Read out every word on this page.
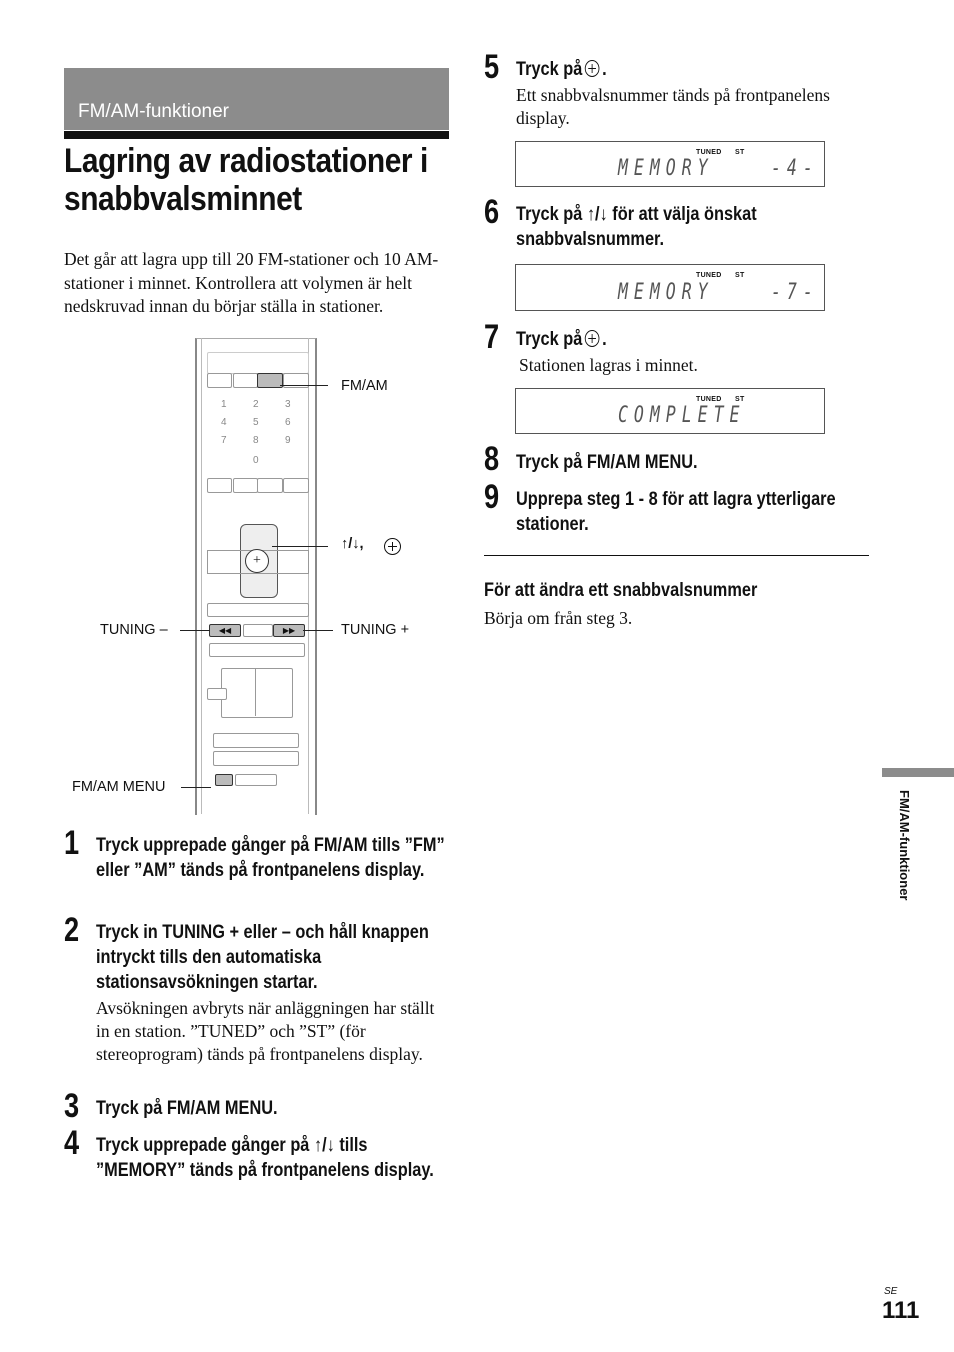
FM/AM-funktioner
Lagring av radiostationer i snabbvalsminnet
Det går att lagra upp till 20 FM-stationer och 10 AM-stationer i minnet. Kontrollera att volymen är helt nedskruvad innan du börjar ställa in stationer.
1	2	3
4	5	6
7	8	9
0
+
◀◀	▶▶
FM/AM
↑/↓,
TUNING –	TUNING +
FM/AM MENU
1 Tryck upprepade gånger på FM/AM tills ”FM” eller ”AM” tänds på frontpanelens display.
2 Tryck in TUNING + eller – och håll knappen intryckt tills den automatiska stationsavsökningen startar.
Avsökningen avbryts när anläggningen har ställt in en station. ”TUNED” och ”ST” (för stereoprogram) tänds på frontpanelens display.
3 Tryck på FM/AM MENU.
4 Tryck upprepade gånger på ↑/↓ tills ”MEMORY” tänds på frontpanelens display.
5 Tryck på .
Ett snabbvalsnummer tänds på frontpanelens display.
TUNED ST
MEMORY	-4-
6 Tryck på ↑/↓ för att välja önskat snabbvalsnummer.
TUNED ST
MEMORY	-7-
7 Tryck på .
Stationen lagras i minnet.
TUNED ST
COMPLETE
8 Tryck på FM/AM MENU.
9 Upprepa steg 1 - 8 för att lagra ytterligare stationer.
För att ändra ett snabbvalsnummer
Börja om från steg 3.
FM/AM-funktioner
SE
111
